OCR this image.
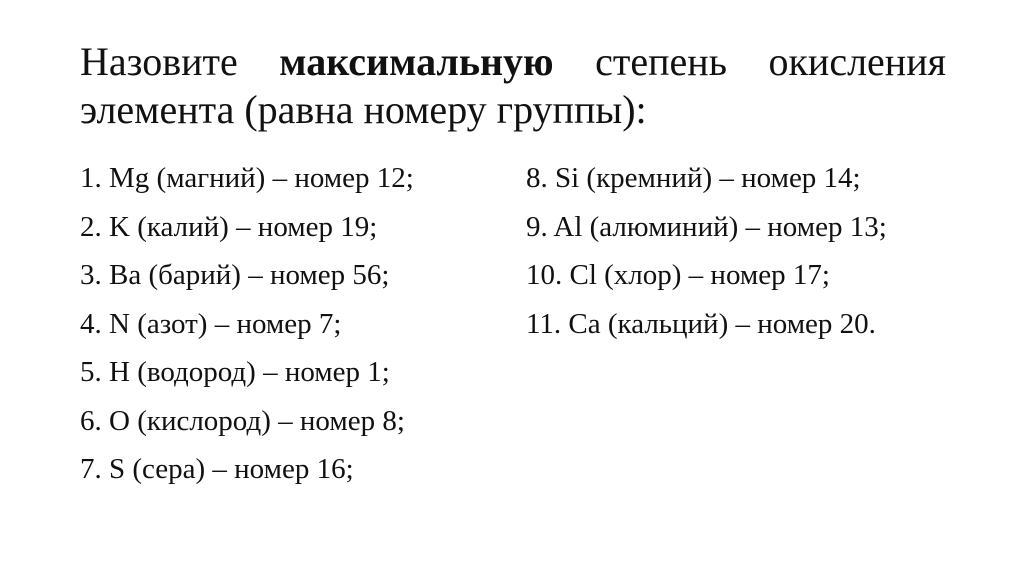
Назовите максимальную степень окисления элемента (равна номеру группы):
1. Mg (магний) – номер 12;
2. K (калий) – номер 19;
3. Ba (барий) – номер 56;
4. N (азот) – номер 7;
5. H (водород) – номер 1;
6. O (кислород) – номер 8;
7. S (сера) – номер 16;
8. Si (кремний) – номер 14;
9. Al (алюминий) – номер 13;
10. Cl (хлор) – номер 17;
11. Ca (кальций) – номер 20.
